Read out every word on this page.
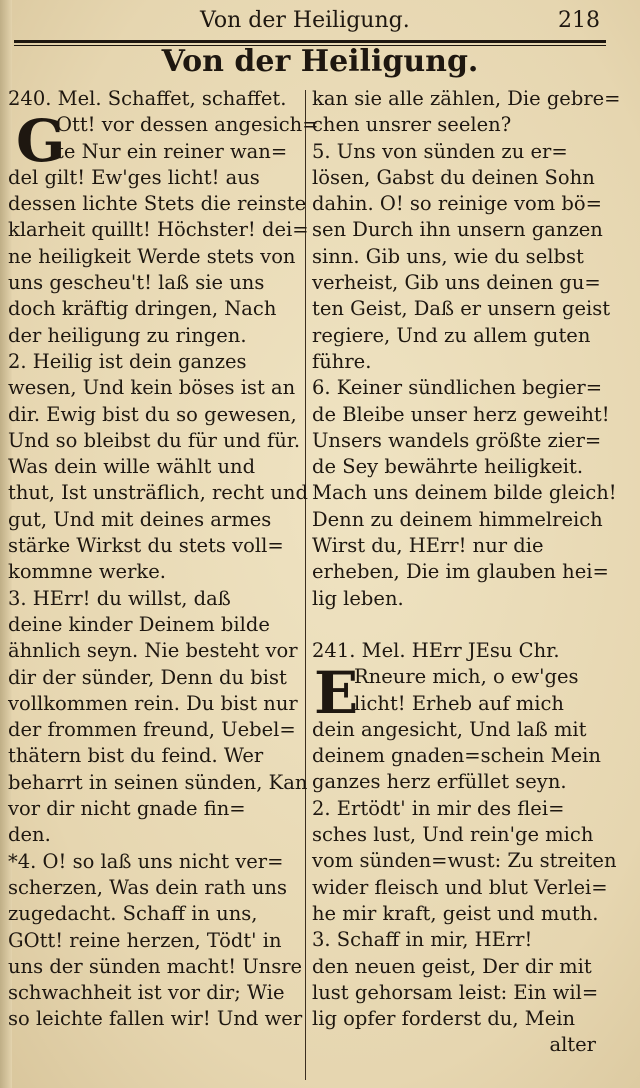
Von der Heiligung.	218
Von der Heiligung.
240. Mel. Schaffet, schaffet.
G
Ott! vor dessen angesich=
te Nur ein reiner wan=
del gilt! Ew'ges licht! aus
dessen lichte Stets die reinste
klarheit quillt! Höchster! dei=
ne heiligkeit Werde stets von
uns gescheu't! laß sie uns
doch kräftig dringen, Nach
der heiligung zu ringen.
2. Heilig ist dein ganzes
wesen, Und kein böses ist an
dir. Ewig bist du so gewesen,
Und so bleibst du für und für.
Was dein wille wählt und
thut, Ist unsträflich, recht und
gut, Und mit deines armes
stärke Wirkst du stets voll=
kommne werke.
3. HErr! du willst, daß
deine kinder Deinem bilde
ähnlich seyn. Nie besteht vor
dir der sünder, Denn du bist
vollkommen rein. Du bist nur
der frommen freund, Uebel=
thätern bist du feind. Wer
beharrt in seinen sünden, Kan
vor dir nicht gnade fin=
den.
*4. O! so laß uns nicht ver=
scherzen, Was dein rath uns
zugedacht. Schaff in uns,
GOtt! reine herzen, Tödt' in
uns der sünden macht! Unsre
schwachheit ist vor dir; Wie
so leichte fallen wir! Und wer
kan sie alle zählen, Die gebre=
chen unsrer seelen?
5. Uns von sünden zu er=
lösen, Gabst du deinen Sohn
dahin. O! so reinige vom bö=
sen Durch ihn unsern ganzen
sinn. Gib uns, wie du selbst
verheist, Gib uns deinen gu=
ten Geist, Daß er unsern geist
regiere, Und zu allem guten
führe.
6. Keiner sündlichen begier=
de Bleibe unser herz geweiht!
Unsers wandels größte zier=
de Sey bewährte heiligkeit.
Mach uns deinem bilde gleich!
Denn zu deinem himmelreich
Wirst du, HErr! nur die
erheben, Die im glauben hei=
lig leben.
241. Mel. HErr JEsu Chr.
E
Rneure mich, o ew'ges
licht! Erheb auf mich
dein angesicht, Und laß mit
deinem gnaden=schein Mein
ganzes herz erfüllet seyn.
2. Ertödt' in mir des flei=
sches lust, Und rein'ge mich
vom sünden=wust: Zu streiten
wider fleisch und blut Verlei=
he mir kraft, geist und muth.
3. Schaff in mir, HErr!
den neuen geist, Der dir mit
lust gehorsam leist: Ein wil=
lig opfer forderst du, Mein
alter
